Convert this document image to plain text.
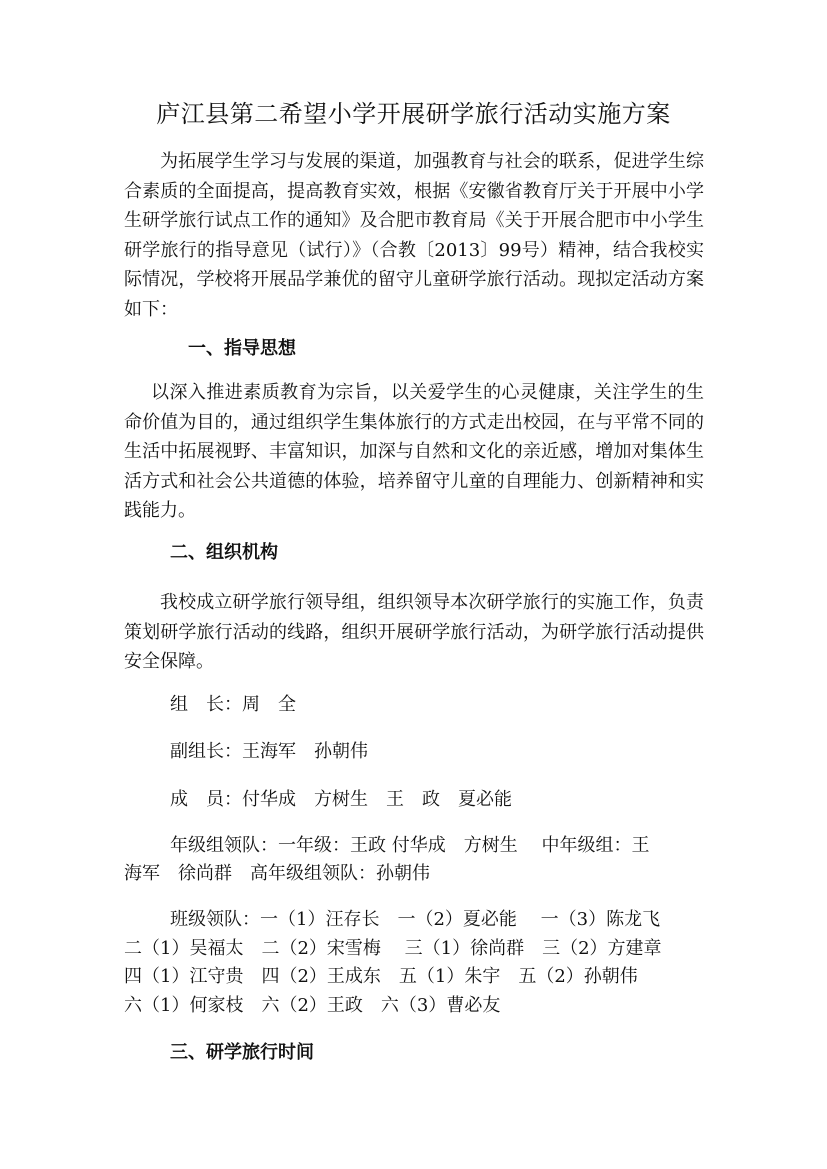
庐江县第二希望小学开展研学旅行活动实施方案

为拓展学生学习与发展的渠道，加强教育与社会的联系，促进学生综合素质的全面提高，提高教育实效，根据《安徽省教育厅关于开展中小学生研学旅行试点工作的通知》及合肥市教育局《关于开展合肥市中小学生研学旅行的指导意见（试行）》（合教〔2013〕99号）精神，结合我校实际情况，学校将开展品学兼优的留守儿童研学旅行活动。现拟定活动方案如下：

一、指导思想

以深入推进素质教育为宗旨，以关爱学生的心灵健康，关注学生的生命价值为目的，通过组织学生集体旅行的方式走出校园，在与平常不同的生活中拓展视野、丰富知识，加深与自然和文化的亲近感，增加对集体生活方式和社会公共道德的体验，培养留守儿童的自理能力、创新精神和实践能力。

二、组织机构

我校成立研学旅行领导组，组织领导本次研学旅行的实施工作，负责策划研学旅行活动的线路，组织开展研学旅行活动，为研学旅行活动提供安全保障。

组　长：周　全

副组长：王海军　孙朝伟

成　员：付华成　方树生　王　政　夏必能

年级组领队：一年级：王政 付华成　方树生　 中年级组：王

海军　徐尚群　高年级组领队：孙朝伟

班级领队：一（1）汪存长　一（2）夏必能　 一（3）陈龙飞

二（1）吴福太　二（2）宋雪梅　 三（1）徐尚群　三（2）方建章

四（1）江守贵　四（2）王成东　五（1）朱宇　五（2）孙朝伟

六（1）何家枝　六（2）王政　六（3）曹必友

三、研学旅行时间
